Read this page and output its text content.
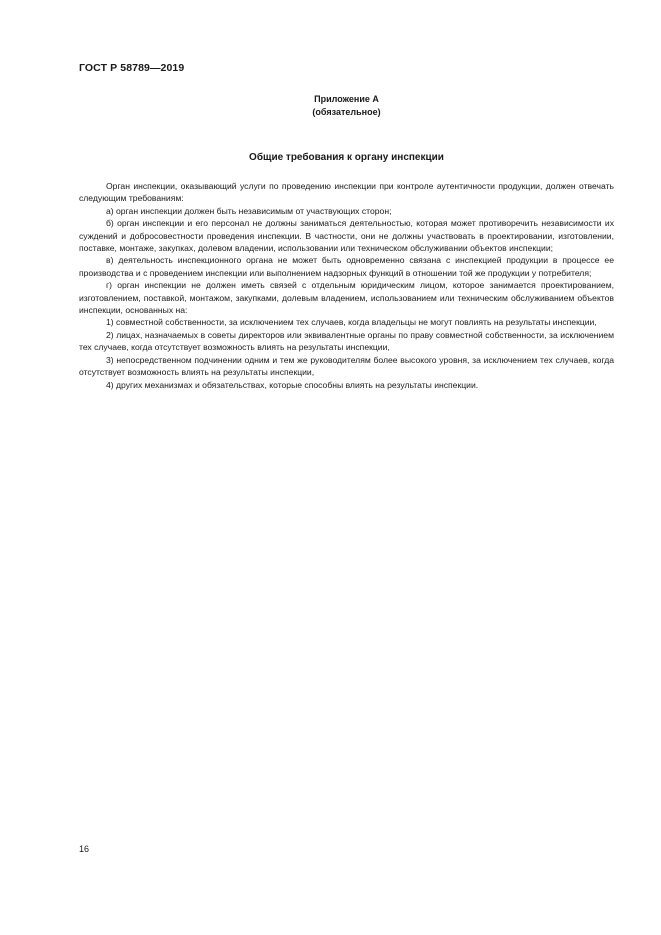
ГОСТ Р 58789—2019
Приложение А
(обязательное)
Общие требования к органу инспекции

Орган инспекции, оказывающий услуги по проведению инспекции при контроле аутентичности продукции, должен отвечать следующим требованиям:

а) орган инспекции должен быть независимым от участвующих сторон;

б) орган инспекции и его персонал не должны заниматься деятельностью, которая может противоречить независимости их суждений и добросовестности проведения инспекции. В частности, они не должны участвовать в проектировании, изготовлении, поставке, монтаже, закупках, долевом владении, использовании или техническом обслуживании объектов инспекции;

в) деятельность инспекционного органа не может быть одновременно связана с инспекцией продукции в процессе ее производства и с проведением инспекции или выполнением надзорных функций в отношении той же продукции у потребителя;

г) орган инспекции не должен иметь связей с отдельным юридическим лицом, которое занимается проектированием, изготовлением, поставкой, монтажом, закупками, долевым владением, использованием или техническим обслуживанием объектов инспекции, основанных на:

1) совместной собственности, за исключением тех случаев, когда владельцы не могут повлиять на результаты инспекции,

2) лицах, назначаемых в советы директоров или эквивалентные органы по праву совместной собственности, за исключением тех случаев, когда отсутствует возможность влиять на результаты инспекции,

3) непосредственном подчинении одним и тем же руководителям более высокого уровня, за исключением тех случаев, когда отсутствует возможность влиять на результаты инспекции,

4) других механизмах и обязательствах, которые способны влиять на результаты инспекции.

16
